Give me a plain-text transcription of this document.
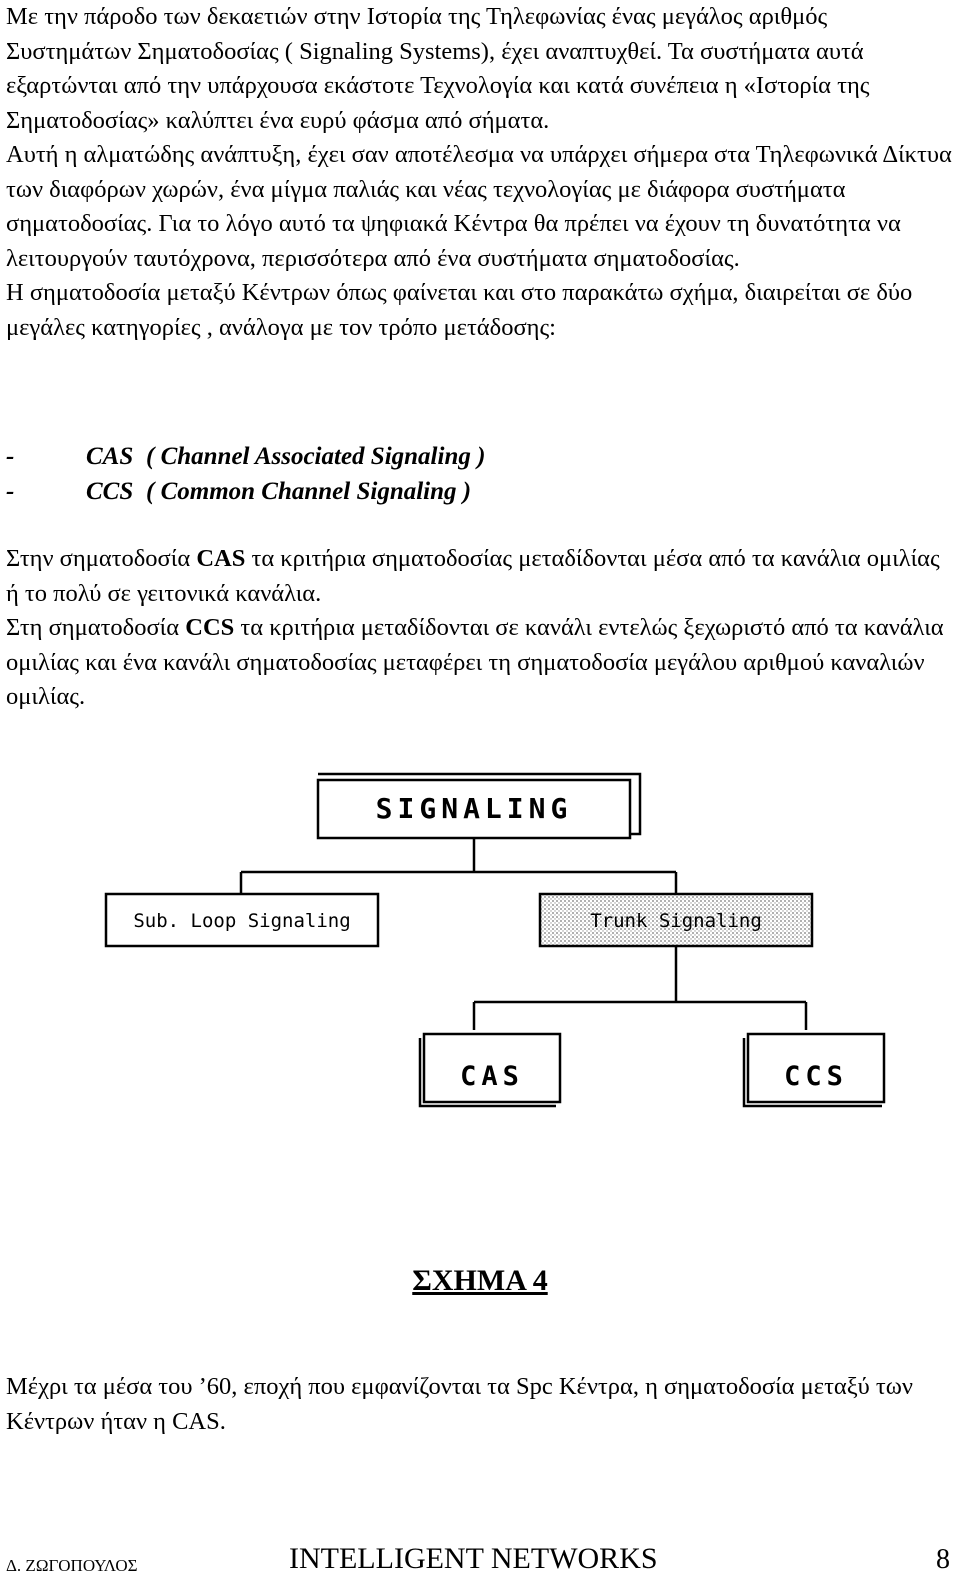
Με την πάροδο των δεκαετιών στην Ιστορία της Τηλεφωνίας ένας μεγάλος αριθμός Συστημάτων Σηματοδοσίας ( Signaling Systems), έχει αναπτυχθεί. Τα συστήματα αυτά εξαρτώνται από την υπάρχουσα εκάστοτε Τεχνολογία και κατά συνέπεια η «Ιστορία της Σηματοδοσίας» καλύπτει ένα ευρύ φάσμα από σήματα.

Αυτή η αλματώδης ανάπτυξη, έχει σαν αποτέλεσμα να υπάρχει σήμερα στα Τηλεφωνικά Δίκτυα των διαφόρων χωρών, ένα μίγμα παλιάς και νέας τεχνολογίας με διάφορα συστήματα σηματοδοσίας. Για το λόγο αυτό τα ψηφιακά Κέντρα θα πρέπει να έχουν τη δυνατότητα να λειτουργούν ταυτόχρονα, περισσότερα από ένα συστήματα σηματοδοσίας.

Η σηματοδοσία μεταξύ Κέντρων όπως φαίνεται και στο παρακάτω σχήμα, διαιρείται σε δύο μεγάλες κατηγορίες , ανάλογα με τον τρόπο μετάδοσης:

-	CAS ( Channel Associated Signaling )
-	CCS ( Common Channel Signaling )

Στην σηματοδοσία CAS τα κριτήρια σηματοδοσίας μεταδίδονται μέσα από τα κανάλια ομιλίας ή το πολύ σε γειτονικά κανάλια.

Στη σηματοδοσία CCS τα κριτήρια μεταδίδονται σε κανάλι εντελώς ξεχωριστό από τα κανάλια ομιλίας και ένα κανάλι σηματοδοσίας μεταφέρει τη σηματοδοσία μεγάλου αριθμού καναλιών ομιλίας.

SIGNALING
Sub. Loop Signaling	Trunk Signaling
CAS	CCS
ΣΧΗΜΑ 4

Μέχρι τα μέσα του ’60, εποχή που εμφανίζονται τα Spc Κέντρα, η σηματοδοσία μεταξύ των Κέντρων ήταν η CAS.

Δ. ΖΩΓΟΠΟΥΛΟΣ	INTELLIGENT NETWORKS	8
